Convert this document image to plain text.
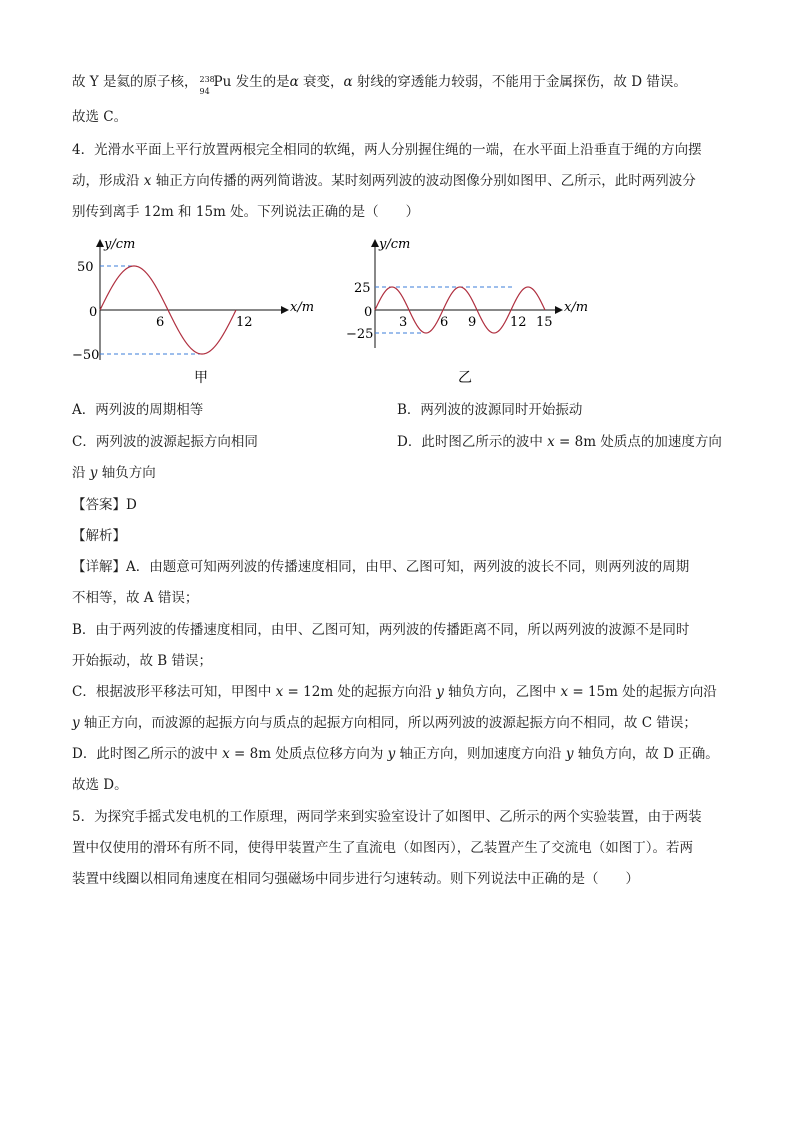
故 Y 是氦的原子核， 238
94
Pu 发生的是α 衰变，α 射线的穿透能力较弱，不能用于金属探伤，故 D 错误。
故选 C。
4．光滑水平面上平行放置两根完全相同的软绳，两人分别握住绳的一端，在水平面上沿垂直于绳的方向摆
动，形成沿 x 轴正方向传播的两列简谐波。某时刻两列波的波动图像分别如图甲、乙所示，此时两列波分
别传到离手 12m 和 15m 处。下列说法正确的是（　　）
y/cm
x/m
50
−50
0
6	12
甲
y/cm
x/m
25
−25
0
3	6 9	12 15
乙
A．两列波的周期相等	B．两列波的波源同时开始振动
C．两列波的波源起振方向相同	D．此时图乙所示的波中 x = 8m 处质点的加速度方向
沿 y 轴负方向
【答案】D
【解析】
【详解】A．由题意可知两列波的传播速度相同，由甲、乙图可知，两列波的波长不同，则两列波的周期
不相等，故 A 错误；
B．由于两列波的传播速度相同，由甲、乙图可知，两列波的传播距离不同，所以两列波的波源不是同时
开始振动，故 B 错误；
C．根据波形平移法可知，甲图中 x = 12m 处的起振方向沿 y 轴负方向，乙图中 x = 15m 处的起振方向沿
y 轴正方向，而波源的起振方向与质点的起振方向相同，所以两列波的波源起振方向不相同，故 C 错误；
D．此时图乙所示的波中 x = 8m 处质点位移方向为 y 轴正方向，则加速度方向沿 y 轴负方向，故 D 正确。
故选 D。
5．为探究手摇式发电机的工作原理，两同学来到实验室设计了如图甲、乙所示的两个实验装置，由于两装
置中仅使用的滑环有所不同，使得甲装置产生了直流电（如图丙），乙装置产生了交流电（如图丁）。若两
装置中线圈以相同角速度在相同匀强磁场中同步进行匀速转动。则下列说法中正确的是（　　）
